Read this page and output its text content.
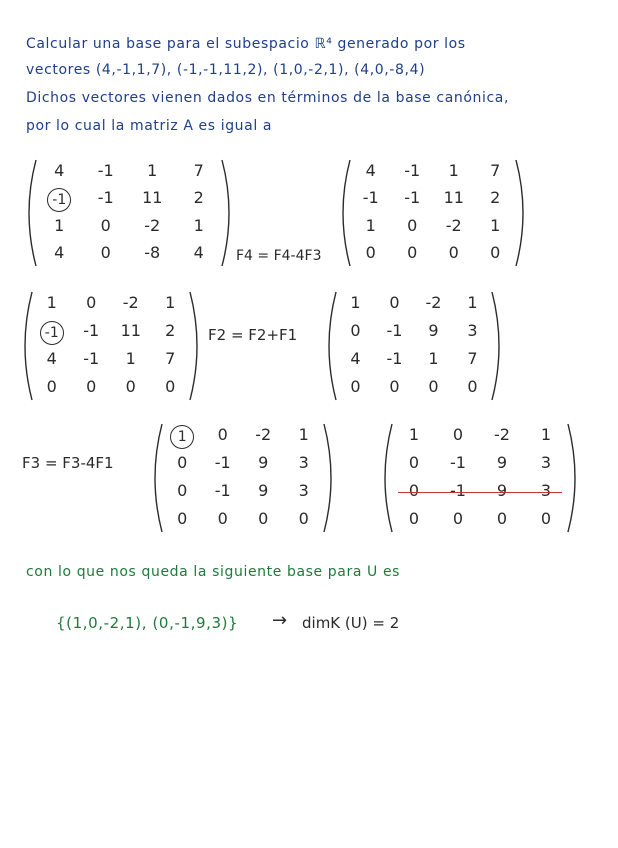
Calcular una base para el subespacio ℝ⁴ generado por los
vectores (4,-1,1,7), (-1,-1,11,2), (1,0,-2,1), (4,0,-8,4)
Dichos vectores vienen dados en términos de la base canónica,
por lo cual la matriz A es igual a
4	-1	1	7
-1	-1	11	2
1	0	-2	1
4	0	-8	4	F4 = F4-4F3
4	-1	1	7
-1	-1	11	2
1	0	-2	1
0	0	0	0
1	0	-2	1
-1	-1	11	2
4	-1	1	7
0	0	0	0
F2 = F2+F1
1	0	-2	1
0	-1	9	3
4	-1	1	7
0	0	0	0
F3 = F3-4F1
1	0	-2	1
0	-1	9	3
0	-1	9	3
0	0	0	0
1	0	-2	1
0	-1	9	3
0	-1	9	3
0	0	0	0
con lo que nos queda la siguiente base para U es
{(1,0,-2,1), (0,-1,9,3)} → dimK (U) = 2
